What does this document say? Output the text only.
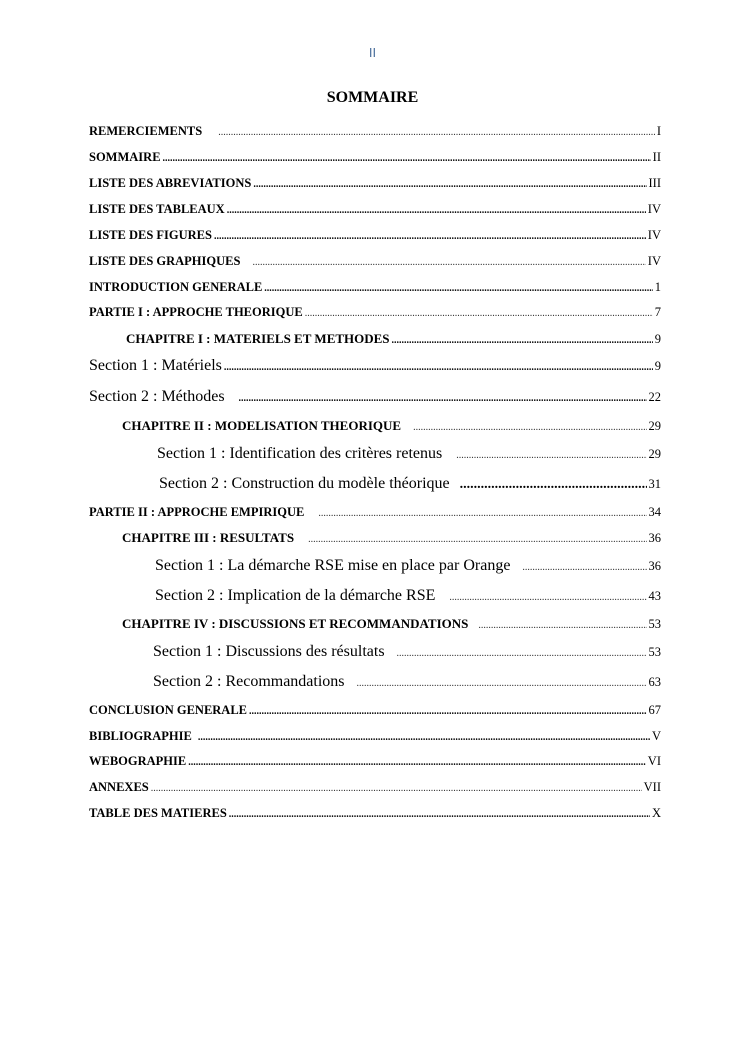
II
SOMMAIRE
REMERCIEMENTS .....	I
SOMMAIRE .....	II
LISTE DES ABREVIATIONS .....	III
LISTE DES TABLEAUX .....	IV
LISTE DES FIGURES .....	IV
LISTE DES GRAPHIQUES .....	IV
INTRODUCTION GENERALE .....	1
PARTIE I : APPROCHE THEORIQUE .....	7
CHAPITRE I : MATERIELS ET METHODES .....	9
Section 1 : Matériels .....	9
Section 2 : Méthodes .....	22
CHAPITRE II : MODELISATION THEORIQUE .....	29
Section 1 : Identification des critères retenus .....	29
Section 2 : Construction du modèle théorique .....	31
PARTIE II : APPROCHE EMPIRIQUE .....	34
CHAPITRE III : RESULTATS .....	36
Section 1 : La démarche RSE mise en place par Orange .....	36
Section 2 : Implication de la démarche RSE .....	43
CHAPITRE IV : DISCUSSIONS ET RECOMMANDATIONS .....	53
Section 1 : Discussions des résultats .....	53
Section 2 : Recommandations .....	63
CONCLUSION GENERALE .....	67
BIBLIOGRAPHIE .....	V
WEBOGRAPHIE .....	VI
ANNEXES .....	VII
TABLE DES MATIERES .....	X
